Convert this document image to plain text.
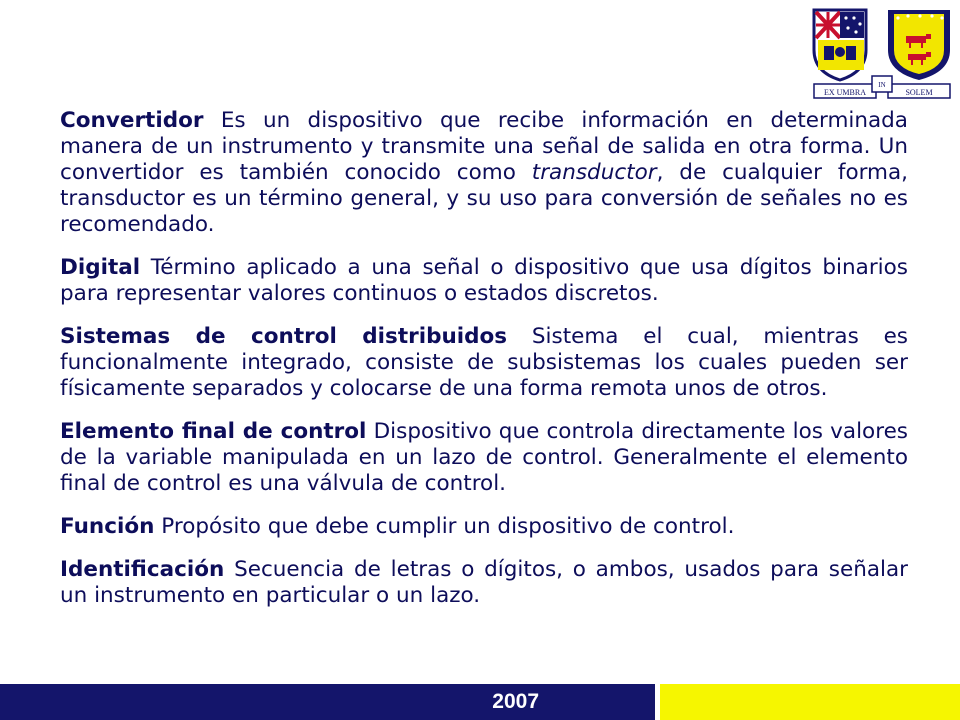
EX UMBRA
IN
SOLEM

Convertidor Es un dispositivo que recibe información en determinada manera de un instrumento y transmite una señal de salida en otra forma. Un convertidor es también conocido como transductor, de cualquier forma, transductor es un término general, y su uso para conversión de señales no es recomendado.

Digital Término aplicado a una señal o dispositivo que usa dígitos binarios para representar valores continuos o estados discretos.

Sistemas de control distribuidos Sistema el cual, mientras es funcionalmente integrado, consiste de subsistemas los cuales pueden ser físicamente separados y colocarse de una forma remota unos de otros.

Elemento final de control Dispositivo que controla directamente los valores de la variable manipulada en un lazo de control. Generalmente el elemento final de control es una válvula de control.

Función Propósito que debe cumplir un dispositivo de control.

Identificación Secuencia de letras o dígitos, o ambos, usados para señalar un instrumento en particular o un lazo.

2007
